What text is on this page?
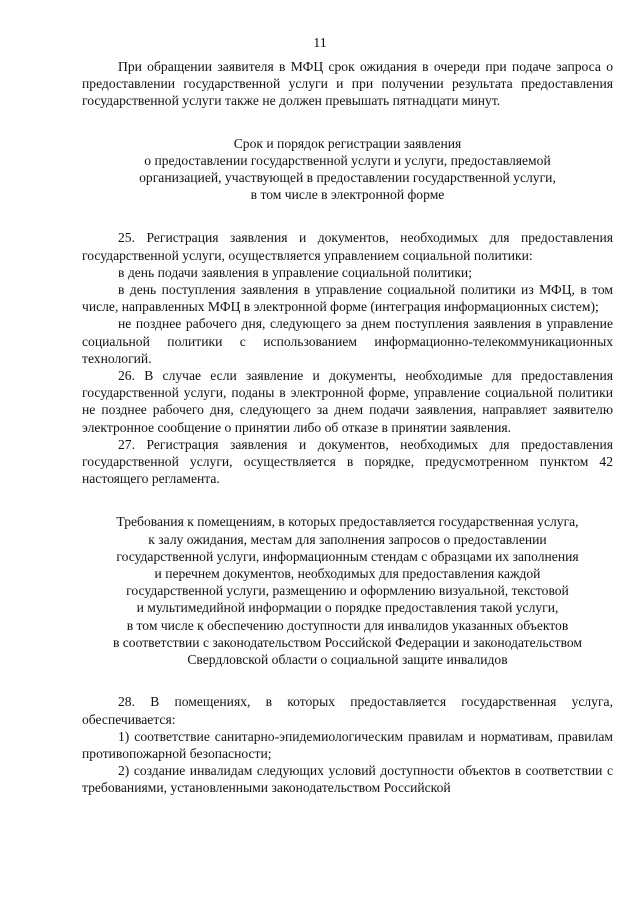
11

При обращении заявителя в МФЦ срок ожидания в очереди при подаче запроса о предоставлении государственной услуги и при получении результата предоставления государственной услуги также не должен превышать пятнадцати минут.

Срок и порядок регистрации заявления
о предоставлении государственной услуги и услуги, предоставляемой
организацией, участвующей в предоставлении государственной услуги,
в том числе в электронной форме

25. Регистрация заявления и документов, необходимых для предоставления государственной услуги, осуществляется управлением социальной политики:

в день подачи заявления в управление социальной политики;

в день поступления заявления в управление социальной политики из МФЦ, в том числе, направленных МФЦ в электронной форме (интеграция информационных систем);

не позднее рабочего дня, следующего за днем поступления заявления в управление социальной политики с использованием информационно-телекоммуникационных технологий.

26. В случае если заявление и документы, необходимые для предоставления государственной услуги, поданы в электронной форме, управление социальной политики не позднее рабочего дня, следующего за днем подачи заявления, направляет заявителю электронное сообщение о принятии либо об отказе в принятии заявления.

27. Регистрация заявления и документов, необходимых для предоставления государственной услуги, осуществляется в порядке, предусмотренном пунктом 42 настоящего регламента.

Требования к помещениям, в которых предоставляется государственная услуга,
к залу ожидания, местам для заполнения запросов о предоставлении
государственной услуги, информационным стендам с образцами их заполнения
и перечнем документов, необходимых для предоставления каждой
государственной услуги, размещению и оформлению визуальной, текстовой
и мультимедийной информации о порядке предоставления такой услуги,
в том числе к обеспечению доступности для инвалидов указанных объектов
в соответствии с законодательством Российской Федерации и законодательством
Свердловской области о социальной защите инвалидов

28. В помещениях, в которых предоставляется государственная услуга, обеспечивается:

1) соответствие санитарно-эпидемиологическим правилам и нормативам, правилам противопожарной безопасности;

2) создание инвалидам следующих условий доступности объектов в соответствии с требованиями, установленными законодательством Российской
